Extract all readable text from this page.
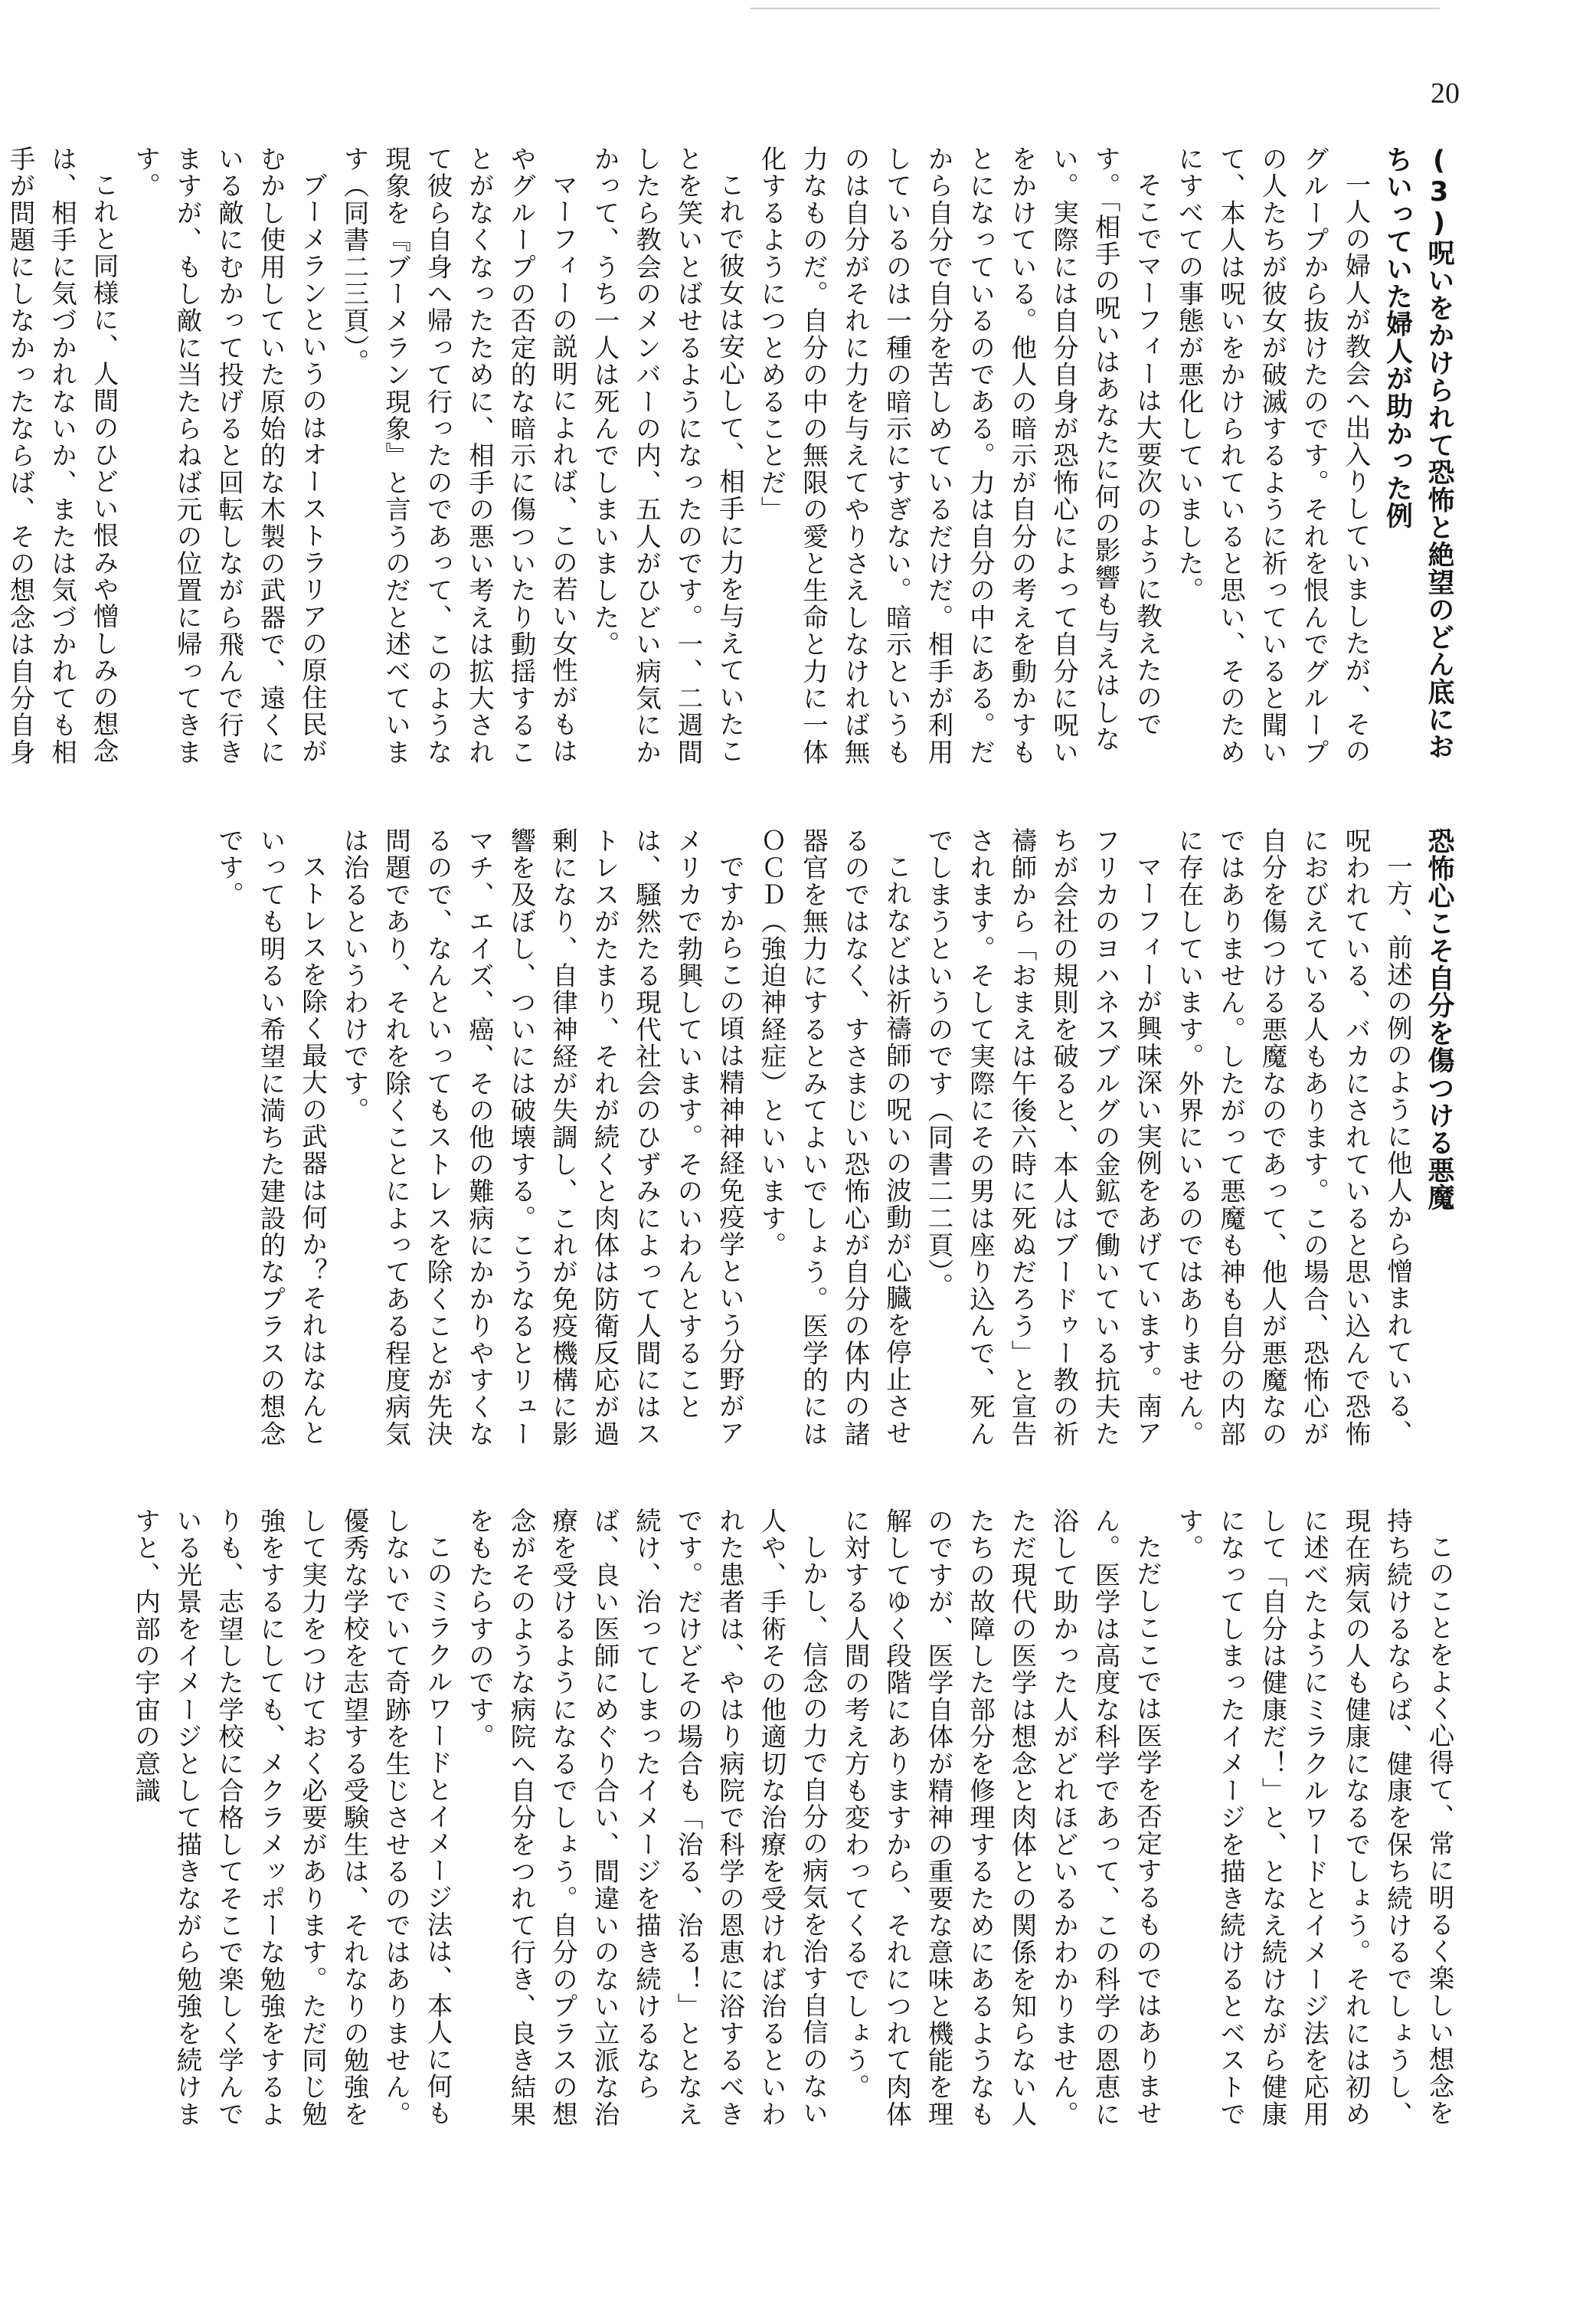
20
(3)呪いをかけられて恐怖と絶望のどん底におちいっていた婦人が助かった例

一人の婦人が教会へ出入りしていましたが、そのグループから抜けたのです。それを恨んでグループの人たちが彼女が破滅するように祈っていると聞いて、本人は呪いをかけられていると思い、そのためにすべての事態が悪化していました。

そこでマーフィーは大要次のように教えたのです。「相手の呪いはあなたに何の影響も与えはしない。実際には自分自身が恐怖心によって自分に呪いをかけている。他人の暗示が自分の考えを動かすもとになっているのである。力は自分の中にある。だから自分で自分を苦しめているだけだ。相手が利用しているのは一種の暗示にすぎない。暗示というものは自分がそれに力を与えてやりさえしなければ無力なものだ。自分の中の無限の愛と生命と力に一体化するようにつとめることだ」

これで彼女は安心して、相手に力を与えていたことを笑いとばせるようになったのです。一、二週間したら教会のメンバーの内、五人がひどい病気にかかって、うち一人は死んでしまいました。

マーフィーの説明によれば、この若い女性がもはやグループの否定的な暗示に傷ついたり動揺することがなくなったために、相手の悪い考えは拡大されて彼ら自身へ帰って行ったのであって、このような現象を『ブーメラン現象』と言うのだと述べています（同書二三頁）。

ブーメランというのはオーストラリアの原住民がむかし使用していた原始的な木製の武器で、遠くにいる敵にむかって投げると回転しながら飛んで行きますが、もし敵に当たらねば元の位置に帰ってきます。

これと同様に、人間のひどい恨みや憎しみの想念は、相手に気づかれないか、または気づかれても相手が問題にしなかったならば、その想念は自分自身

恐怖心こそ自分を傷つける悪魔

一方、前述の例のように他人から憎まれている、呪われている、バカにされていると思い込んで恐怖におびえている人もあります。この場合、恐怖心が自分を傷つける悪魔なのであって、他人が悪魔なのではありません。したがって悪魔も神も自分の内部に存在しています。外界にいるのではありません。

マーフィーが興味深い実例をあげています。南アフリカのヨハネスブルグの金鉱で働いている抗夫たちが会社の規則を破ると、本人はブードゥー教の祈禱師から「おまえは午後六時に死ぬだろう」と宣告されます。そして実際にその男は座り込んで、死んでしまうというのです（同書二二頁）。

これなどは祈禱師の呪いの波動が心臓を停止させるのではなく、すさまじい恐怖心が自分の体内の諸器官を無力にするとみてよいでしょう。医学的にはＯＣＤ（強迫神経症）といいます。

ですからこの頃は精神神経免疫学という分野がアメリカで勃興しています。そのいわんとすることは、騒然たる現代社会のひずみによって人間にはストレスがたまり、それが続くと肉体は防衛反応が過剰になり、自律神経が失調し、これが免疫機構に影響を及ぼし、ついには破壊する。こうなるとリューマチ、エイズ、癌、その他の難病にかかりやすくなるので、なんといってもストレスを除くことが先決問題であり、それを除くことによってある程度病気は治るというわけです。

ストレスを除く最大の武器は何か？それはなんといっても明るい希望に満ちた建設的なプラスの想念です。

このことをよく心得て、常に明るく楽しい想念を持ち続けるならば、健康を保ち続けるでしょうし、現在病気の人も健康になるでしょう。それには初めに述べたようにミラクルワードとイメージ法を応用して「自分は健康だ！」と、となえ続けながら健康になってしまったイメージを描き続けるとベストです。

ただしここでは医学を否定するものではありません。医学は高度な科学であって、この科学の恩恵に浴して助かった人がどれほどいるかわかりません。ただ現代の医学は想念と肉体との関係を知らない人たちの故障した部分を修理するためにあるようなものですが、医学自体が精神の重要な意味と機能を理解してゆく段階にありますから、それにつれて肉体に対する人間の考え方も変わってくるでしょう。

しかし、信念の力で自分の病気を治す自信のない人や、手術その他適切な治療を受ければ治るといわれた患者は、やはり病院で科学の恩恵に浴するべきです。だけどその場合も「治る、治る！」ととなえ続け、治ってしまったイメージを描き続けるならば、良い医師にめぐり合い、間違いのない立派な治療を受けるようになるでしょう。自分のプラスの想念がそのような病院へ自分をつれて行き、良き結果をもたらすのです。

このミラクルワードとイメージ法は、本人に何もしないでいて奇跡を生じさせるのではありません。優秀な学校を志望する受験生は、それなりの勉強をして実力をつけておく必要があります。ただ同じ勉強をするにしても、メクラメッポーな勉強をするよりも、志望した学校に合格してそこで楽しく学んでいる光景をイメージとして描きながら勉強を続けますと、内部の宇宙の意識
